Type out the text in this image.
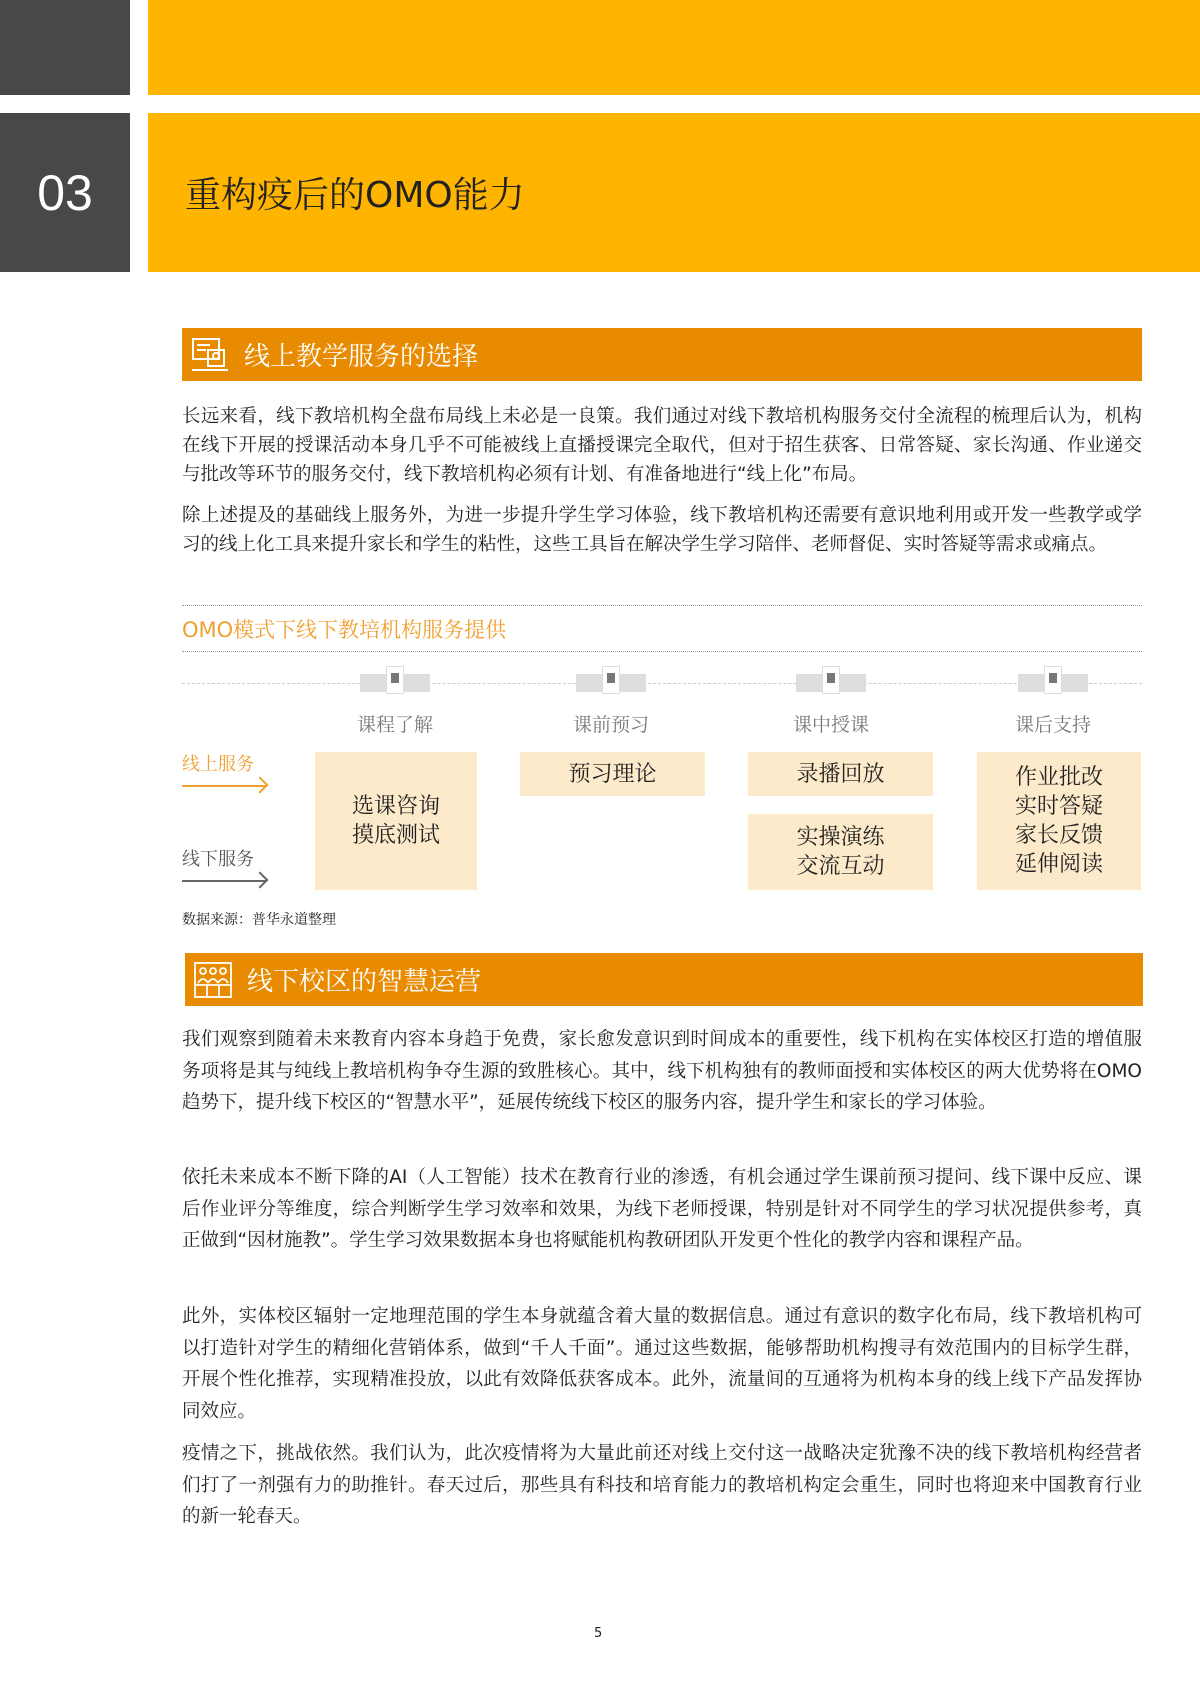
03	重构疫后的OMO能力
线上教学服务的选择
长远来看，线下教培机构全盘布局线上未必是一良策。我们通过对线下教培机构服务交付全流程的梳理后认为，机构在线下开展的授课活动本身几乎不可能被线上直播授课完全取代，但对于招生获客、日常答疑、家长沟通、作业递交与批改等环节的服务交付，线下教培机构必须有计划、有准备地进行“线上化”布局。
除上述提及的基础线上服务外，为进一步提升学生学习体验，线下教培机构还需要有意识地利用或开发一些教学或学习的线上化工具来提升家长和学生的粘性，这些工具旨在解决学生学习陪伴、老师督促、实时答疑等需求或痛点。
OMO模式下线下教培机构服务提供
课程了解	课前预习	课中授课	课后支持
线上服务
线下服务
选课咨询
摸底测试
预习理论	录播回放
实操演练
交流互动
作业批改
实时答疑
家长反馈
延伸阅读
数据来源：普华永道整理
线下校区的智慧运营
我们观察到随着未来教育内容本身趋于免费，家长愈发意识到时间成本的重要性，线下机构在实体校区打造的增值服务项将是其与纯线上教培机构争夺生源的致胜核心。其中，线下机构独有的教师面授和实体校区的两大优势将在OMO趋势下，提升线下校区的“智慧水平”，延展传统线下校区的服务内容，提升学生和家长的学习体验。
依托未来成本不断下降的AI（人工智能）技术在教育行业的渗透，有机会通过学生课前预习提问、线下课中反应、课后作业评分等维度，综合判断学生学习效率和效果，为线下老师授课，特别是针对不同学生的学习状况提供参考，真正做到“因材施教”。学生学习效果数据本身也将赋能机构教研团队开发更个性化的教学内容和课程产品。
此外，实体校区辐射一定地理范围的学生本身就蕴含着大量的数据信息。通过有意识的数字化布局，线下教培机构可以打造针对学生的精细化营销体系，做到“千人千面”。通过这些数据，能够帮助机构搜寻有效范围内的目标学生群，开展个性化推荐，实现精准投放，以此有效降低获客成本。此外，流量间的互通将为机构本身的线上线下产品发挥协同效应。
疫情之下，挑战依然。我们认为，此次疫情将为大量此前还对线上交付这一战略决定犹豫不决的线下教培机构经营者们打了一剂强有力的助推针。春天过后，那些具有科技和培育能力的教培机构定会重生，同时也将迎来中国教育行业的新一轮春天。
5
